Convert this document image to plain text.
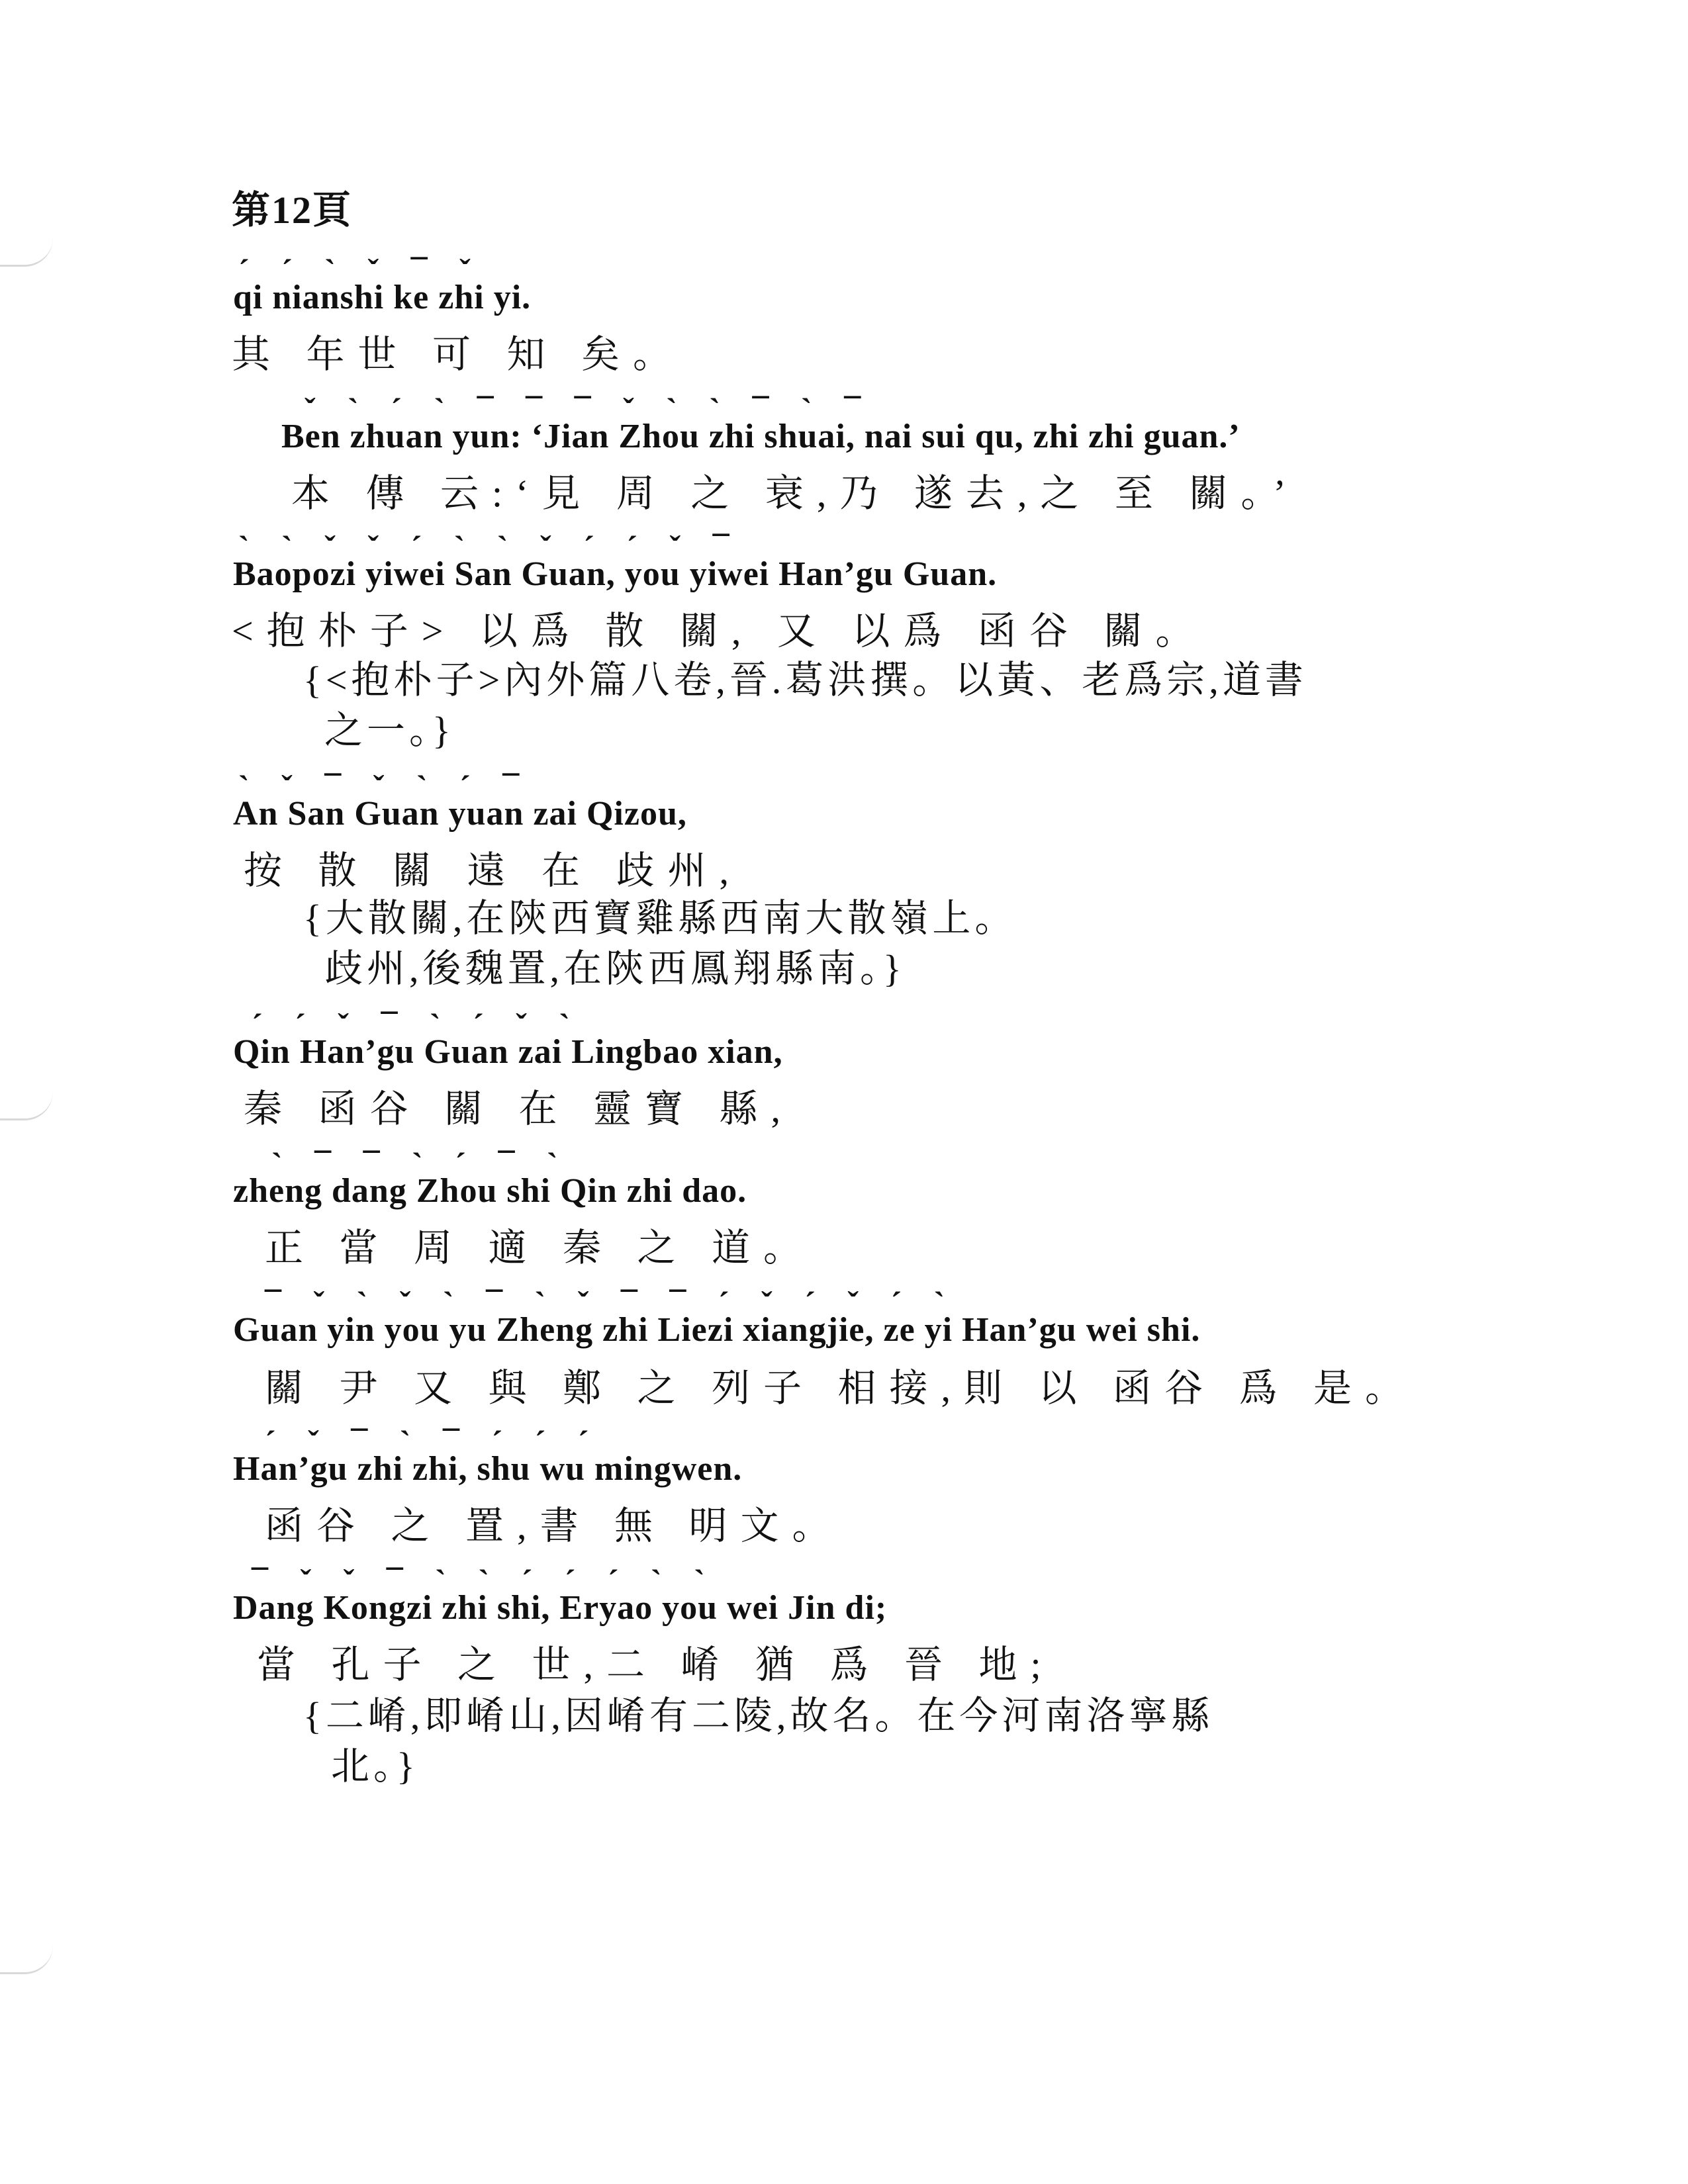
第12頁
ˊ ˊ ˋ ˇ ¯ ˇ
qi nianshi ke zhi yi.
其 年世 可 知 矣。
ˇ ˋ ˊ ˋ ¯ ¯ ¯ ˇ ˋ ˋ ¯ ˋ ¯
Ben zhuan yun: ‘Jian Zhou zhi shuai, nai sui qu, zhi zhi guan.’
本 傳 云:‘見 周 之 衰,乃 遂去,之 至 關。’
ˋ ˋ ˇ ˇ ˊ ˋ ˋ ˇ ˊ ˊ ˇ ¯
Baopozi yiwei San Guan, you yiwei Han’gu Guan.
<抱朴子> 以爲 散 關, 又 以爲 函谷 關。
{<抱朴子>內外篇八卷,晉.葛洪撰。以黃、老爲宗,道書
之一。}
ˋ ˇ ¯ ˇ ˋ ˊ ¯
An San Guan yuan zai Qizou,
按 散 關 遠 在 歧州,
{大散關,在陝西寶雞縣西南大散嶺上。
歧州,後魏置,在陝西鳳翔縣南。}
ˊ ˊ ˇ ¯ ˋ ˊ ˇ ˋ
Qin Han’gu Guan zai Lingbao xian,
秦 函谷 關 在 靈寶 縣,
ˋ ¯ ¯ ˋ ˊ ¯ ˋ
zheng dang Zhou shi Qin zhi dao.
正 當 周 適 秦 之 道。
¯ ˇ ˋ ˇ ˋ ¯ ˋ ˇ ¯ ¯ ˊ ˇ ˊ ˇ ˊ ˋ
Guan yin you yu Zheng zhi Liezi xiangjie, ze yi Han’gu wei shi.
關 尹 又 與 鄭 之 列子 相接,則 以 函谷 爲 是。
ˊ ˇ ¯ ˋ ¯ ˊ ˊ ˊ
Han’gu zhi zhi, shu wu mingwen.
函谷 之 置,書 無 明文。
¯ ˇ ˇ ¯ ˋ ˋ ˊ ˊ ˊ ˋ ˋ
Dang Kongzi zhi shi, Eryao you wei Jin di;
當 孔子 之 世,二 崤 猶 爲 晉 地;
{二崤,即崤山,因崤有二陵,故名。在今河南洛寧縣
北。}
